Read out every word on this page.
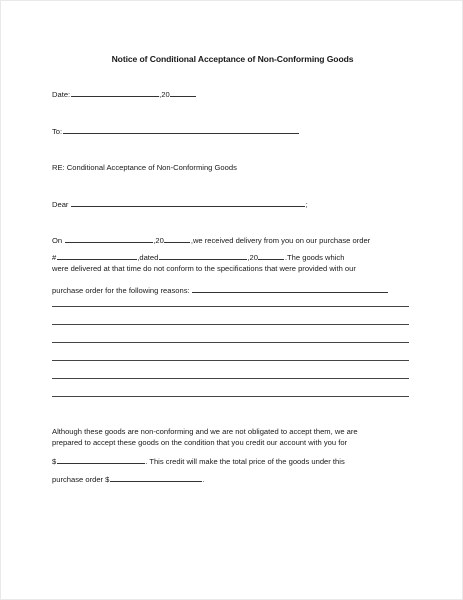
Notice of Conditional Acceptance of Non-Conforming Goods
Date:	,20
To:
RE: Conditional Acceptance of Non-Conforming Goods
Dear	;
On	,20	,we received delivery from you on our purchase order
#	,dated	,20	.The goods which
were delivered at that time do not conform to the specifications that were provided with our
purchase order for the following reasons:
Although these goods are non-conforming and we are not obligated to accept them, we are
prepared to accept these goods on the condition that you credit our account with you for
$	. This credit will make the total price of the goods under this
purchase order $	.
